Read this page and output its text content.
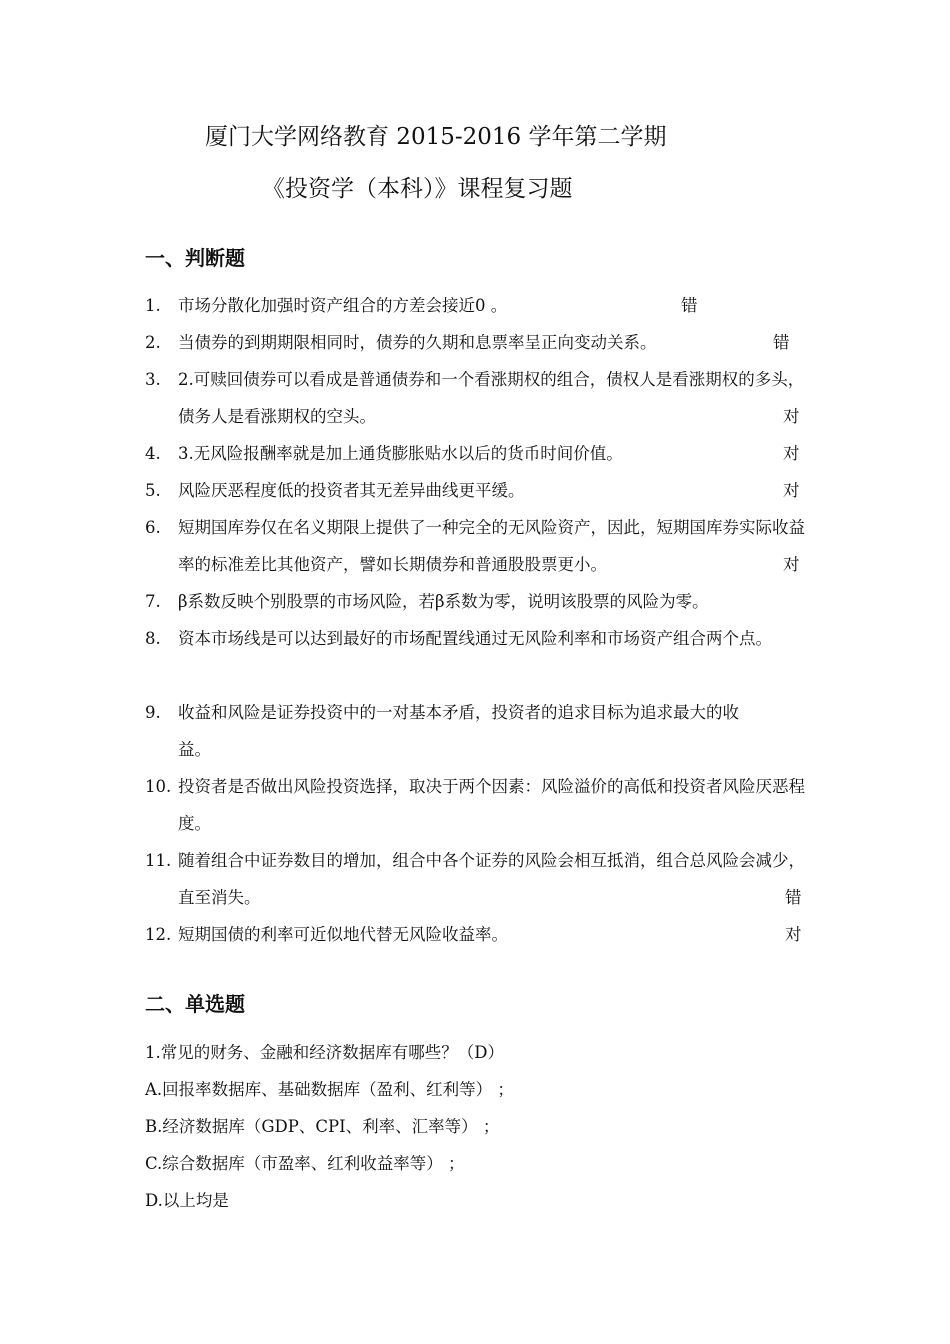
厦门大学网络教育 2015-2016 学年第二学期
《投资学（本科）》课程复习题
一、判断题
1. 市场分散化加强时资产组合的方差会接近0 。	错
2. 当债券的到期期限相同时，债券的久期和息票率呈正向变动关系。	错
3. 2.可赎回债券可以看成是普通债券和一个看涨期权的组合，债权人是看涨期权的多头，债务人是看涨期权的空头。	对
4. 3.无风险报酬率就是加上通货膨胀贴水以后的货币时间价值。	对
5. 风险厌恶程度低的投资者其无差异曲线更平缓。	对
6. 短期国库券仅在名义期限上提供了一种完全的无风险资产，因此，短期国库券实际收益率的标准差比其他资产，譬如长期债券和普通股股票更小。	对
7. β系数反映个别股票的市场风险，若β系数为零，说明该股票的风险为零。
8. 资本市场线是可以达到最好的市场配置线通过无风险利率和市场资产组合两个点。
9. 收益和风险是证券投资中的一对基本矛盾，投资者的追求目标为追求最大的收益。
10. 投资者是否做出风险投资选择，取决于两个因素：风险溢价的高低和投资者风险厌恶程度。
11. 随着组合中证券数目的增加，组合中各个证券的风险会相互抵消，组合总风险会减少，直至消失。	错
12. 短期国债的利率可近似地代替无风险收益率。	对
二、单选题
1.常见的财务、金融和经济数据库有哪些？（D）
A.回报率数据库、基础数据库（盈利、红利等） ；
B.经济数据库（GDP、CPI、利率、汇率等） ；
C.综合数据库（市盈率、红利收益率等） ；
D.以上均是
